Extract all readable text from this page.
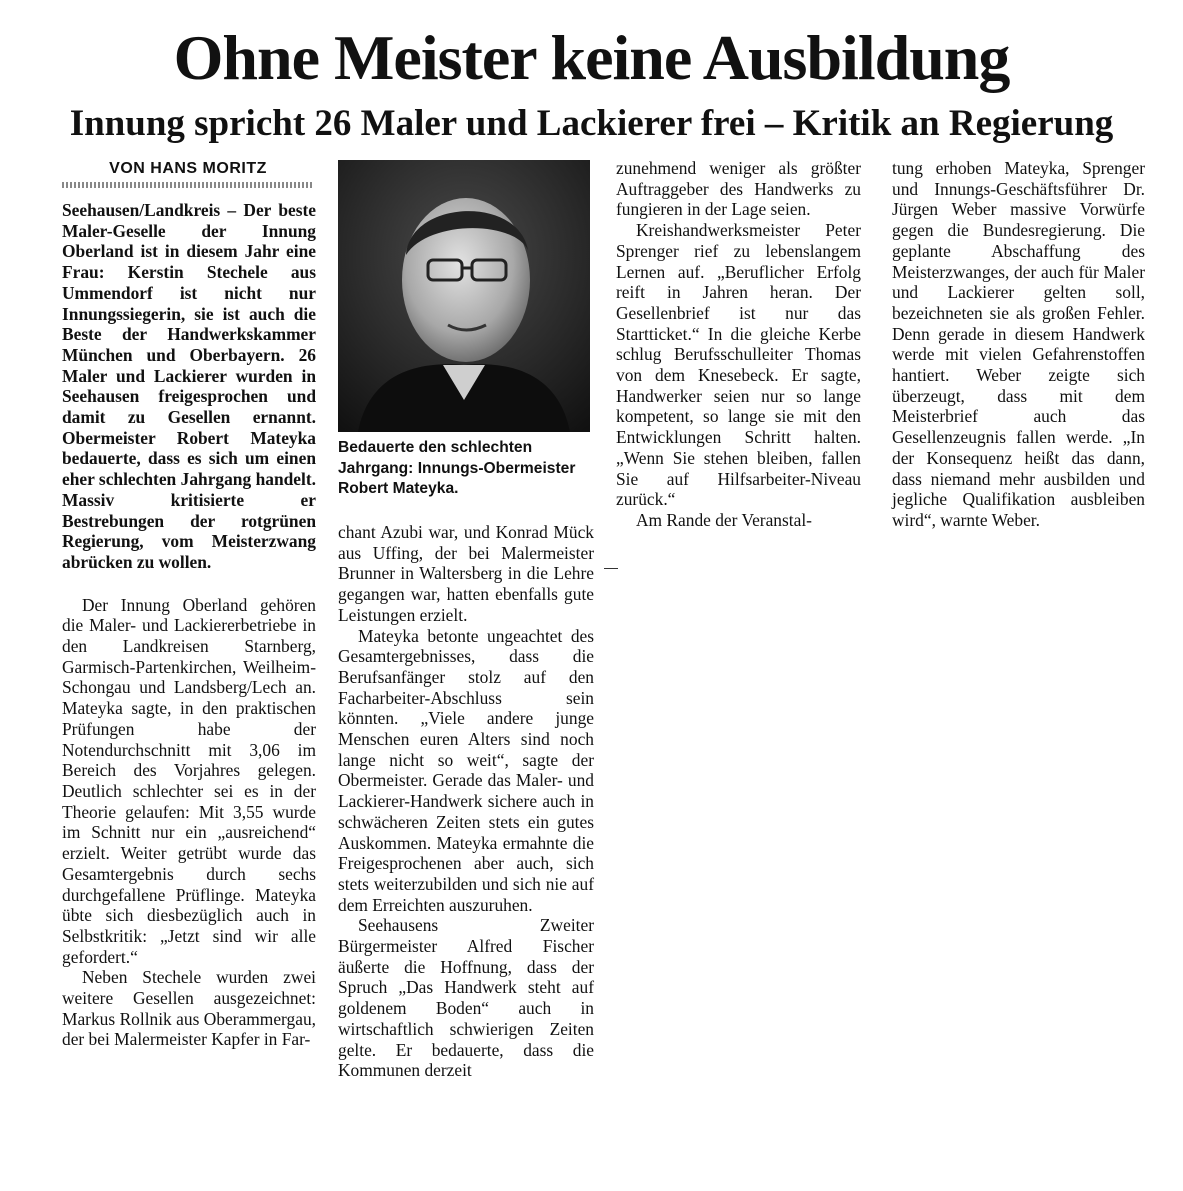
Ohne Meister keine Ausbildung
Innung spricht 26 Maler und Lackierer frei – Kritik an Regierung
VON HANS MORITZ

Seehausen/Landkreis – Der beste Maler-Geselle der Innung Oberland ist in diesem Jahr eine Frau: Kerstin Stechele aus Ummendorf ist nicht nur Innungssiegerin, sie ist auch die Beste der Handwerkskammer München und Oberbayern. 26 Maler und Lackierer wurden in Seehausen freigesprochen und damit zu Gesellen ernannt. Obermeister Robert Mateyka bedauerte, dass es sich um einen eher schlechten Jahrgang handelt. Massiv kritisierte er Bestrebungen der rotgrünen Regierung, vom Meisterzwang abrücken zu wollen.

Der Innung Oberland gehören die Maler- und Lackiererbetriebe in den Landkreisen Starnberg, Garmisch-Partenkirchen, Weilheim-Schongau und Landsberg/Lech an. Mateyka sagte, in den praktischen Prüfungen habe der Notendurchschnitt mit 3,06 im Bereich des Vorjahres gelegen. Deutlich schlechter sei es in der Theorie gelaufen: Mit 3,55 wurde im Schnitt nur ein „ausreichend“ erzielt. Weiter getrübt wurde das Gesamtergebnis durch sechs durchgefallene Prüflinge. Mateyka übte sich diesbezüglich auch in Selbstkritik: „Jetzt sind wir alle gefordert.“

Neben Stechele wurden zwei weitere Gesellen ausgezeichnet: Markus Rollnik aus Oberammergau, der bei Malermeister Kapfer in Far-

Bedauerte den schlechten Jahrgang: Innungs-Obermeister Robert Mateyka.

chant Azubi war, und Konrad Mück aus Uffing, der bei Malermeister Brunner in Waltersberg in die Lehre gegangen war, hatten ebenfalls gute Leistungen erzielt.

Mateyka betonte ungeachtet des Gesamtergebnisses, dass die Berufsanfänger stolz auf den Facharbeiter-Abschluss sein könnten. „Viele andere junge Menschen euren Alters sind noch lange nicht so weit“, sagte der Obermeister. Gerade das Maler- und Lackierer-Handwerk sichere auch in schwächeren Zeiten stets ein gutes Auskommen. Mateyka ermahnte die Freigesprochenen aber auch, sich stets weiterzubilden und sich nie auf dem Erreichten auszuruhen.

Seehausens Zweiter Bürgermeister Alfred Fischer äußerte die Hoffnung, dass der Spruch „Das Handwerk steht auf goldenem Boden“ auch in wirtschaftlich schwierigen Zeiten gelte. Er bedauerte, dass die Kommunen derzeit

zunehmend weniger als größter Auftraggeber des Handwerks zu fungieren in der Lage seien.

Kreishandwerksmeister Peter Sprenger rief zu lebenslangem Lernen auf. „Beruflicher Erfolg reift in Jahren heran. Der Gesellenbrief ist nur das Startticket.“ In die gleiche Kerbe schlug Berufsschulleiter Thomas von dem Knesebeck. Er sagte, Handwerker seien nur so lange kompetent, so lange sie mit den Entwicklungen Schritt halten. „Wenn Sie stehen bleiben, fallen Sie auf Hilfsarbeiter-Niveau zurück.“

Am Rande der Veranstal-

tung erhoben Mateyka, Sprenger und Innungs-Geschäftsführer Dr. Jürgen Weber massive Vorwürfe gegen die Bundesregierung. Die geplante Abschaffung des Meisterzwanges, der auch für Maler und Lackierer gelten soll, bezeichneten sie als großen Fehler. Denn gerade in diesem Handwerk werde mit vielen Gefahrenstoffen hantiert. Weber zeigte sich überzeugt, dass mit dem Meisterbrief auch das Gesellenzeugnis fallen werde. „In der Konsequenz heißt das dann, dass niemand mehr ausbilden und jegliche Qualifikation ausbleiben wird“, warnte Weber.
